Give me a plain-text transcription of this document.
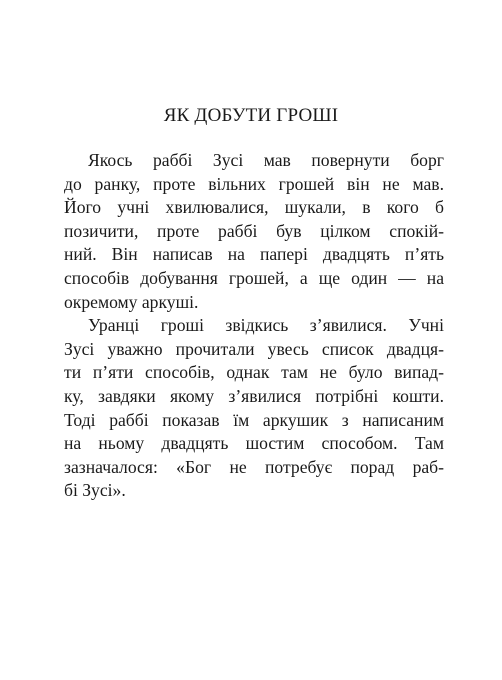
ЯК ДОБУТИ ГРОШІ
Якось раббі Зусі мав повернути борг
до ранку, проте вільних грошей він не мав.
Його учні хвилювалися, шукали, в кого б
позичити, проте раббі був цілком спокій-
ний. Він написав на папері двадцять п’ять
способів добування грошей, а ще один — на
окремому аркуші.
Уранці гроші звідкись з’явилися. Учні
Зусі уважно прочитали увесь список двадця-
ти п’яти способів, однак там не було випад-
ку, завдяки якому з’явилися потрібні кошти.
Тоді раббі показав їм аркушик з написаним
на ньому двадцять шостим способом. Там
зазначалося: «Бог не потребує порад раб-
бі Зусі».
